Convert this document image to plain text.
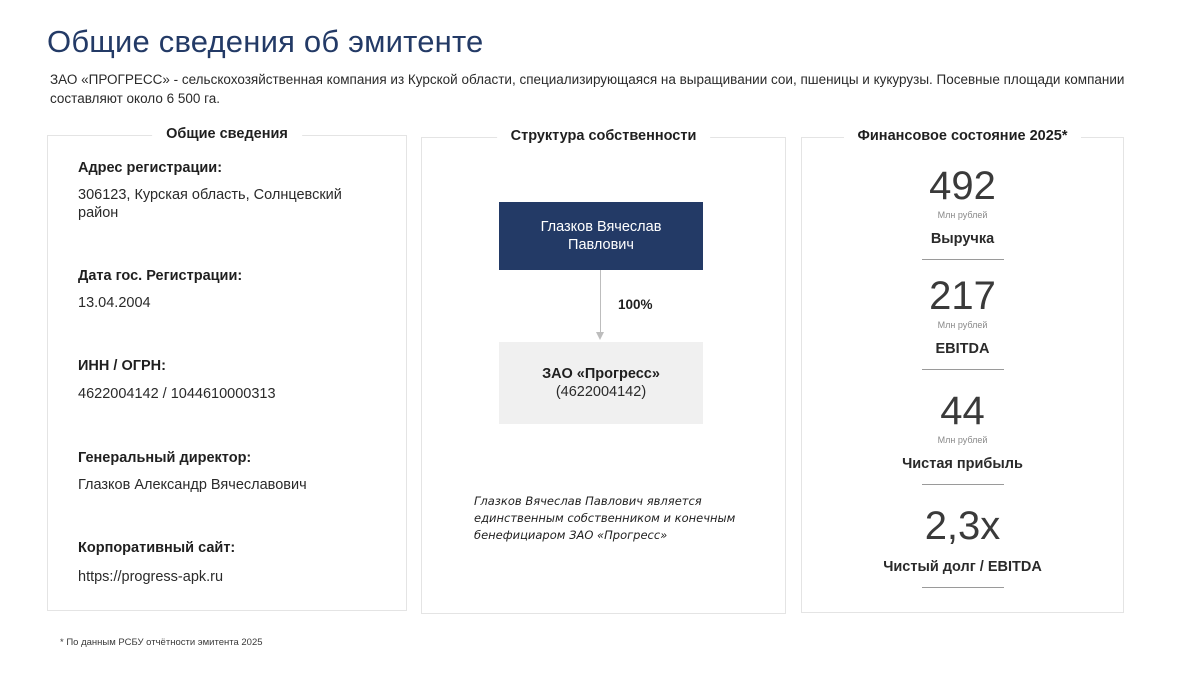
Общие сведения об эмитенте

ЗАО «ПРОГРЕСС» - сельскохозяйственная компания из Курской области, специализирующаяся на выращивании сои, пшеницы и кукурузы. Посевные площади компании составляют около 6 500 га.

Общие сведения
Адрес регистрации:
306123, Курская область, Солнцевский район
Дата гос. Регистрации:
13.04.2004
ИНН / ОГРН:
4622004142 / 1044610000313
Генеральный директор:
Глазков Александр Вячеславович
Корпоративный сайт:
https://progress-apk.ru
Структура собственности
Глазков Вячеслав Павлович
100%
ЗАО «Прогресс»
(4622004142)

Глазков Вячеслав Павлович является единственным собственником и конечным бенефициаром ЗАО «Прогресс»

Финансовое состояние 2025*
492
Млн рублей
Выручка
217
Млн рублей
EBITDA
44
Млн рублей
Чистая прибыль
2,3х
Чистый долг / EBITDA
* По данным РСБУ отчётности эмитента 2025
